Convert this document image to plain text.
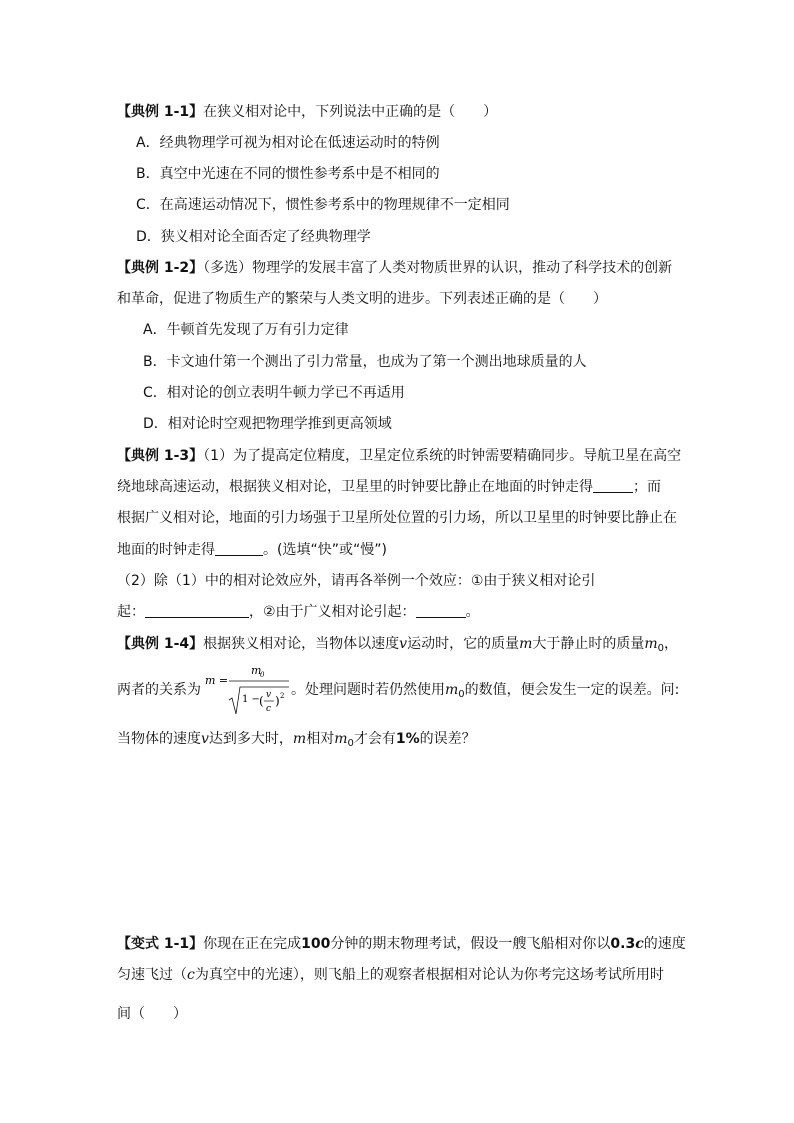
【典例 1-1】在狭义相对论中，下列说法中正确的是（　　）
A．经典物理学可视为相对论在低速运动时的特例
B．真空中光速在不同的惯性参考系中是不相同的
C．在高速运动情况下，惯性参考系中的物理规律不一定相同
D．狭义相对论全面否定了经典物理学
【典例 1-2】（多选）物理学的发展丰富了人类对物质世界的认识，推动了科学技术的创新
和革命，促进了物质生产的繁荣与人类文明的进步。下列表述正确的是（　　）
A．牛顿首先发现了万有引力定律
B．卡文迪什第一个测出了引力常量，也成为了第一个测出地球质量的人
C．相对论的创立表明牛顿力学已不再适用
D．相对论时空观把物理学推到更高领域
【典例 1-3】（1）为了提高定位精度，卫星定位系统的时钟需要精确同步。导航卫星在高空
绕地球高速运动，根据狭义相对论，卫星里的时钟要比静止在地面的时钟走得	；而
根据广义相对论，地面的引力场强于卫星所处位置的引力场，所以卫星里的时钟要比静止在
地面的时钟走得	。(选填“快”或“慢”)
（2）除（1）中的相对论效应外，请再各举例一个效应：①由于狭义相对论引
起：	，②由于广义相对论引起：	。
【典例 1-4】根据狭义相对论，当物体以速度v运动时，它的质量m大于静止时的质量$m_0$，
两者的关系为	。处理问题时若仍然使用$m_0$的数值，便会发生一定的误差。问:
m =
m
0
1 − ( v
c
) 2
当物体的速度v达到多大时，m相对$m_0$才会有1%的误差？
【变式 1-1】你现在正在完成100分钟的期末物理考试，假设一艘飞船相对你以0.3c的速度
匀速飞过（c为真空中的光速），则飞船上的观察者根据相对论认为你考完这场考试所用时
间（　　）
